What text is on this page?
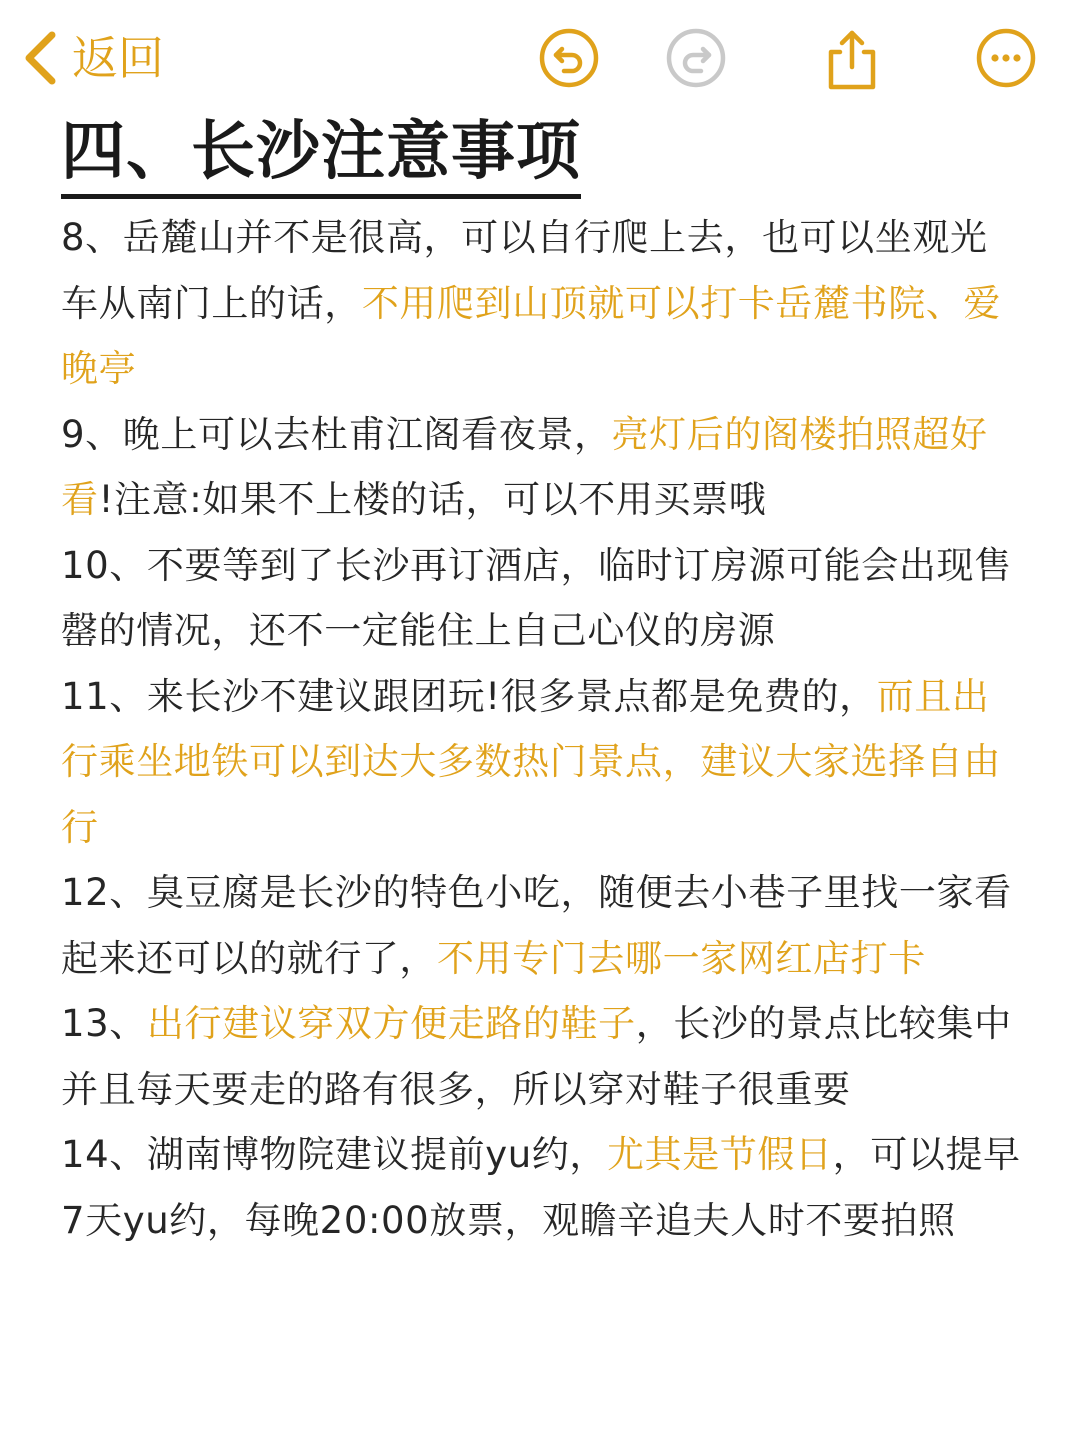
返回
四、长沙注意事项

8、岳麓山并不是很高，可以自行爬上去，也可以坐观光车从南门上的话，不用爬到山顶就可以打卡岳麓书院、爱晚亭

9、晚上可以去杜甫江阁看夜景，亮灯后的阁楼拍照超好看!注意:如果不上楼的话，可以不用买票哦

10、不要等到了长沙再订酒店，临时订房源可能会出现售罄的情况，还不一定能住上自己心仪的房源

11、来长沙不建议跟团玩!很多景点都是免费的，而且出行乘坐地铁可以到达大多数热门景点，建议大家选择自由行

12、臭豆腐是长沙的特色小吃，随便去小巷子里找一家看起来还可以的就行了，不用专门去哪一家网红店打卡

13、出行建议穿双方便走路的鞋子，长沙的景点比较集中并且每天要走的路有很多，所以穿对鞋子很重要

14、湖南博物院建议提前yu约，尤其是节假日，可以提早7天yu约，每晚20:00放票，观瞻辛追夫人时不要拍照
